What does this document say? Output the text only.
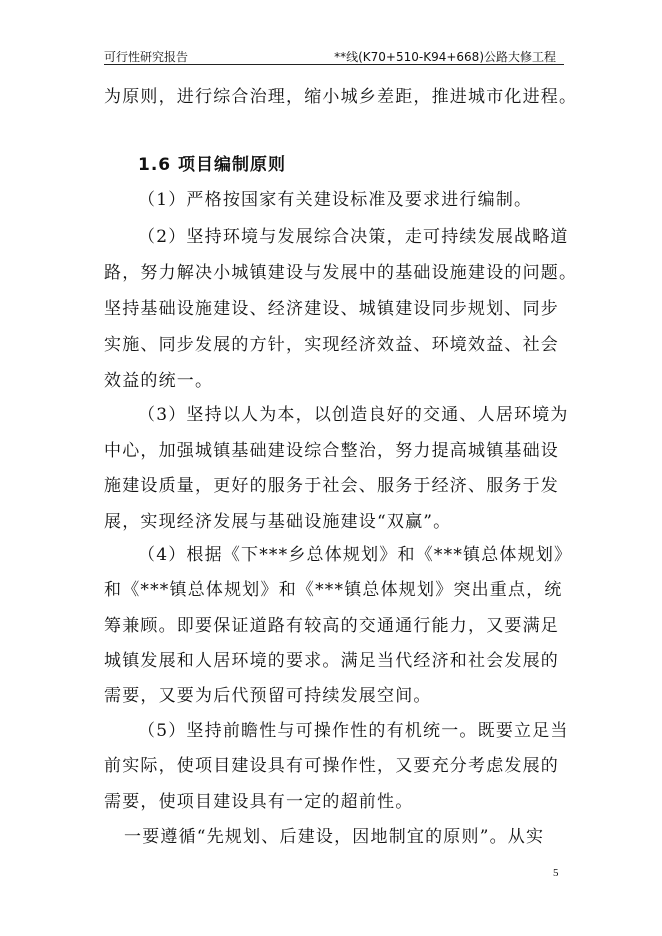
可行性研究报告	**线(K70+510-K94+668)公路大修工程
为原则，进行综合治理，缩小城乡差距，推进城市化进程。
1.6 项目编制原则
（1）严格按国家有关建设标准及要求进行编制。
（2）坚持环境与发展综合决策，走可持续发展战略道
路，努力解决小城镇建设与发展中的基础设施建设的问题。
坚持基础设施建设、经济建设、城镇建设同步规划、同步
实施、同步发展的方针，实现经济效益、环境效益、社会
效益的统一。
（3）坚持以人为本，以创造良好的交通、人居环境为
中心，加强城镇基础建设综合整治，努力提高城镇基础设
施建设质量，更好的服务于社会、服务于经济、服务于发
展，实现经济发展与基础设施建设“双赢”。
（4）根据《下***乡总体规划》和《***镇总体规划》
和《***镇总体规划》和《***镇总体规划》突出重点，统
筹兼顾。即要保证道路有较高的交通通行能力，又要满足
城镇发展和人居环境的要求。满足当代经济和社会发展的
需要，又要为后代预留可持续发展空间。
（5）坚持前瞻性与可操作性的有机统一。既要立足当
前实际，使项目建设具有可操作性，又要充分考虑发展的
需要，使项目建设具有一定的超前性。
一要遵循“先规划、后建设，因地制宜的原则”。从实
5
